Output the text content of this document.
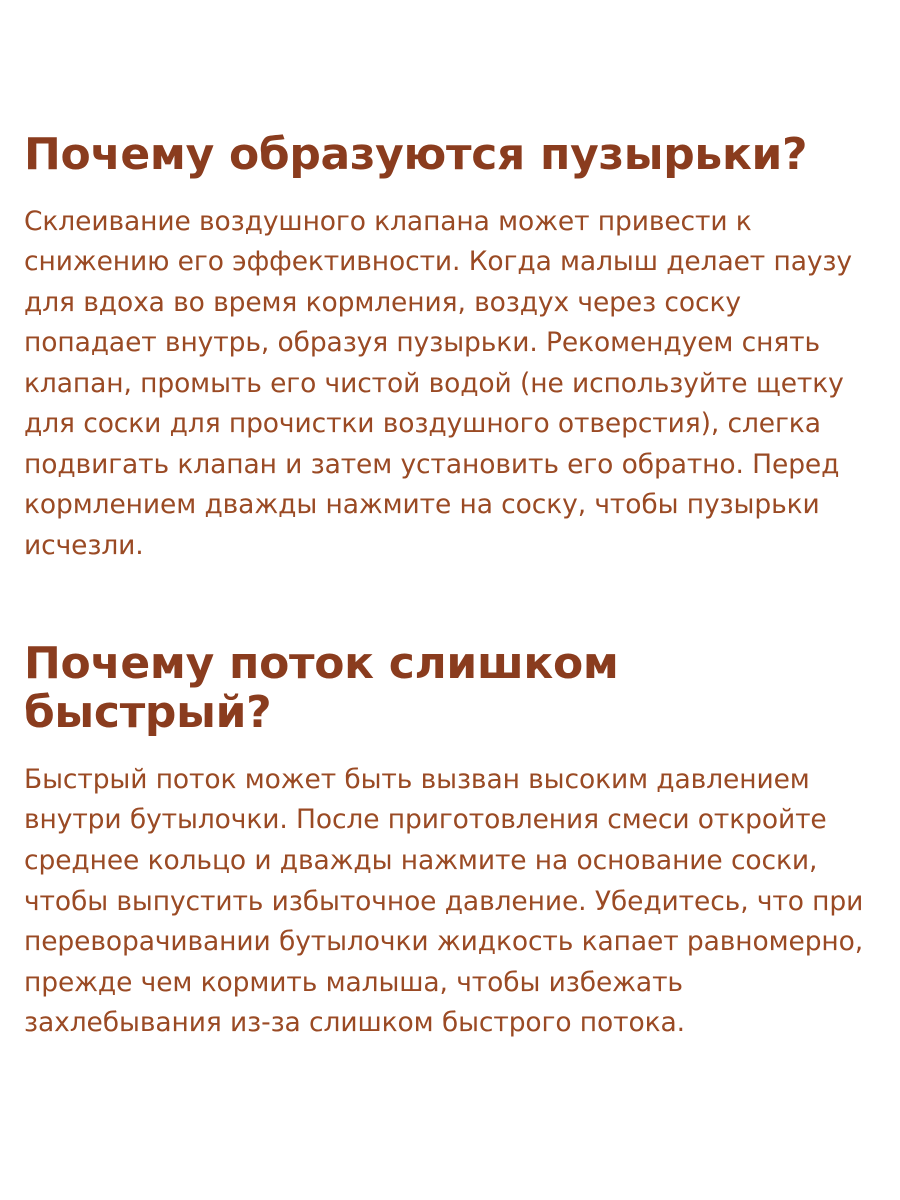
Почему образуются пузырьки?

Склеивание воздушного клапана может привести к снижению его эффективности. Когда малыш делает паузу для вдоха во время кормления, воздух через соску попадает внутрь, образуя пузырьки. Рекомендуем снять клапан, промыть его чистой водой (не используйте щетку для соски для прочистки воздушного отверстия), слегка подвигать клапан и затем установить его обратно. Перед кормлением дважды нажмите на соску, чтобы пузырьки исчезли.

Почему поток слишком быстрый?

Быстрый поток может быть вызван высоким давлением внутри бутылочки. После приготовления смеси откройте среднее кольцо и дважды нажмите на основание соски, чтобы выпустить избыточное давление. Убедитесь, что при переворачивании бутылочки жидкость капает равномерно, прежде чем кормить малыша, чтобы избежать захлебывания из-за слишком быстрого потока.
